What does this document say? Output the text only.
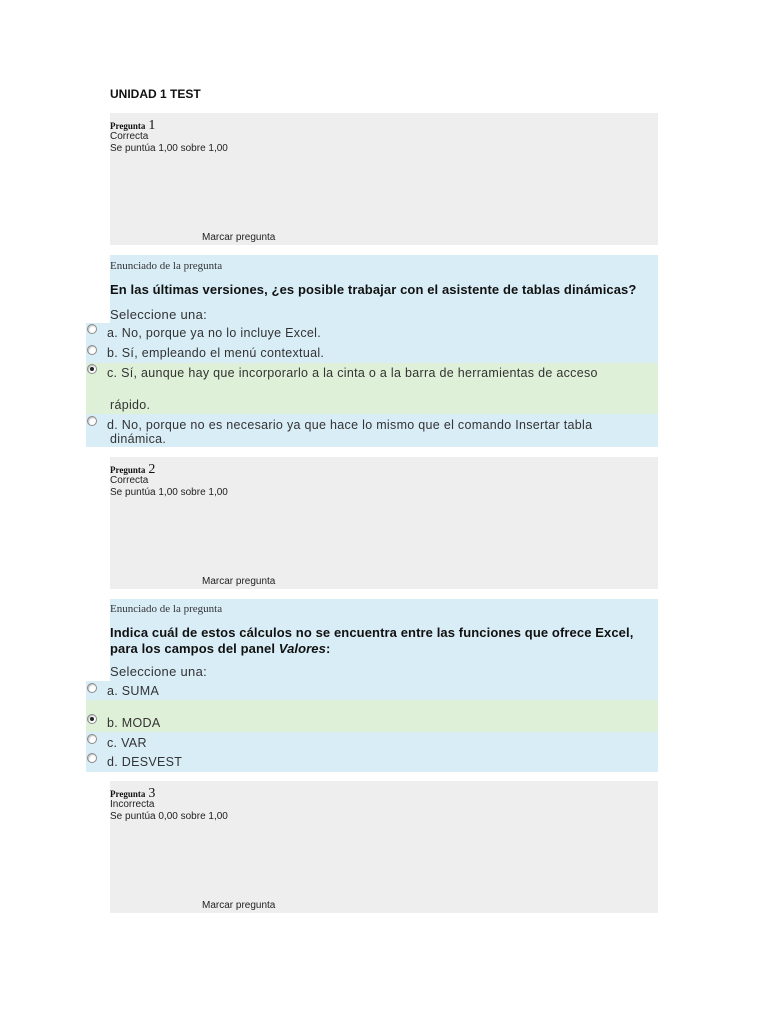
UNIDAD 1 TEST
Pregunta 1
Correcta
Se puntúa 1,00 sobre 1,00
Marcar pregunta
Enunciado de la pregunta
En las últimas versiones, ¿es posible trabajar con el asistente de tablas dinámicas?
Seleccione una:
a. No, porque ya no lo incluye Excel.
b. Sí, empleando el menú contextual.
c. Sí, aunque hay que incorporarlo a la cinta o a la barra de herramientas de acceso
rápido.
d. No, porque no es necesario ya que hace lo mismo que el comando Insertar tabla
dinámica.
Pregunta 2
Correcta
Se puntúa 1,00 sobre 1,00
Marcar pregunta
Enunciado de la pregunta
Indica cuál de estos cálculos no se encuentra entre las funciones que ofrece Excel,
para los campos del panel Valores:
Seleccione una:
a. SUMA
b. MODA
c. VAR
d. DESVEST
Pregunta 3
Incorrecta
Se puntúa 0,00 sobre 1,00
Marcar pregunta
